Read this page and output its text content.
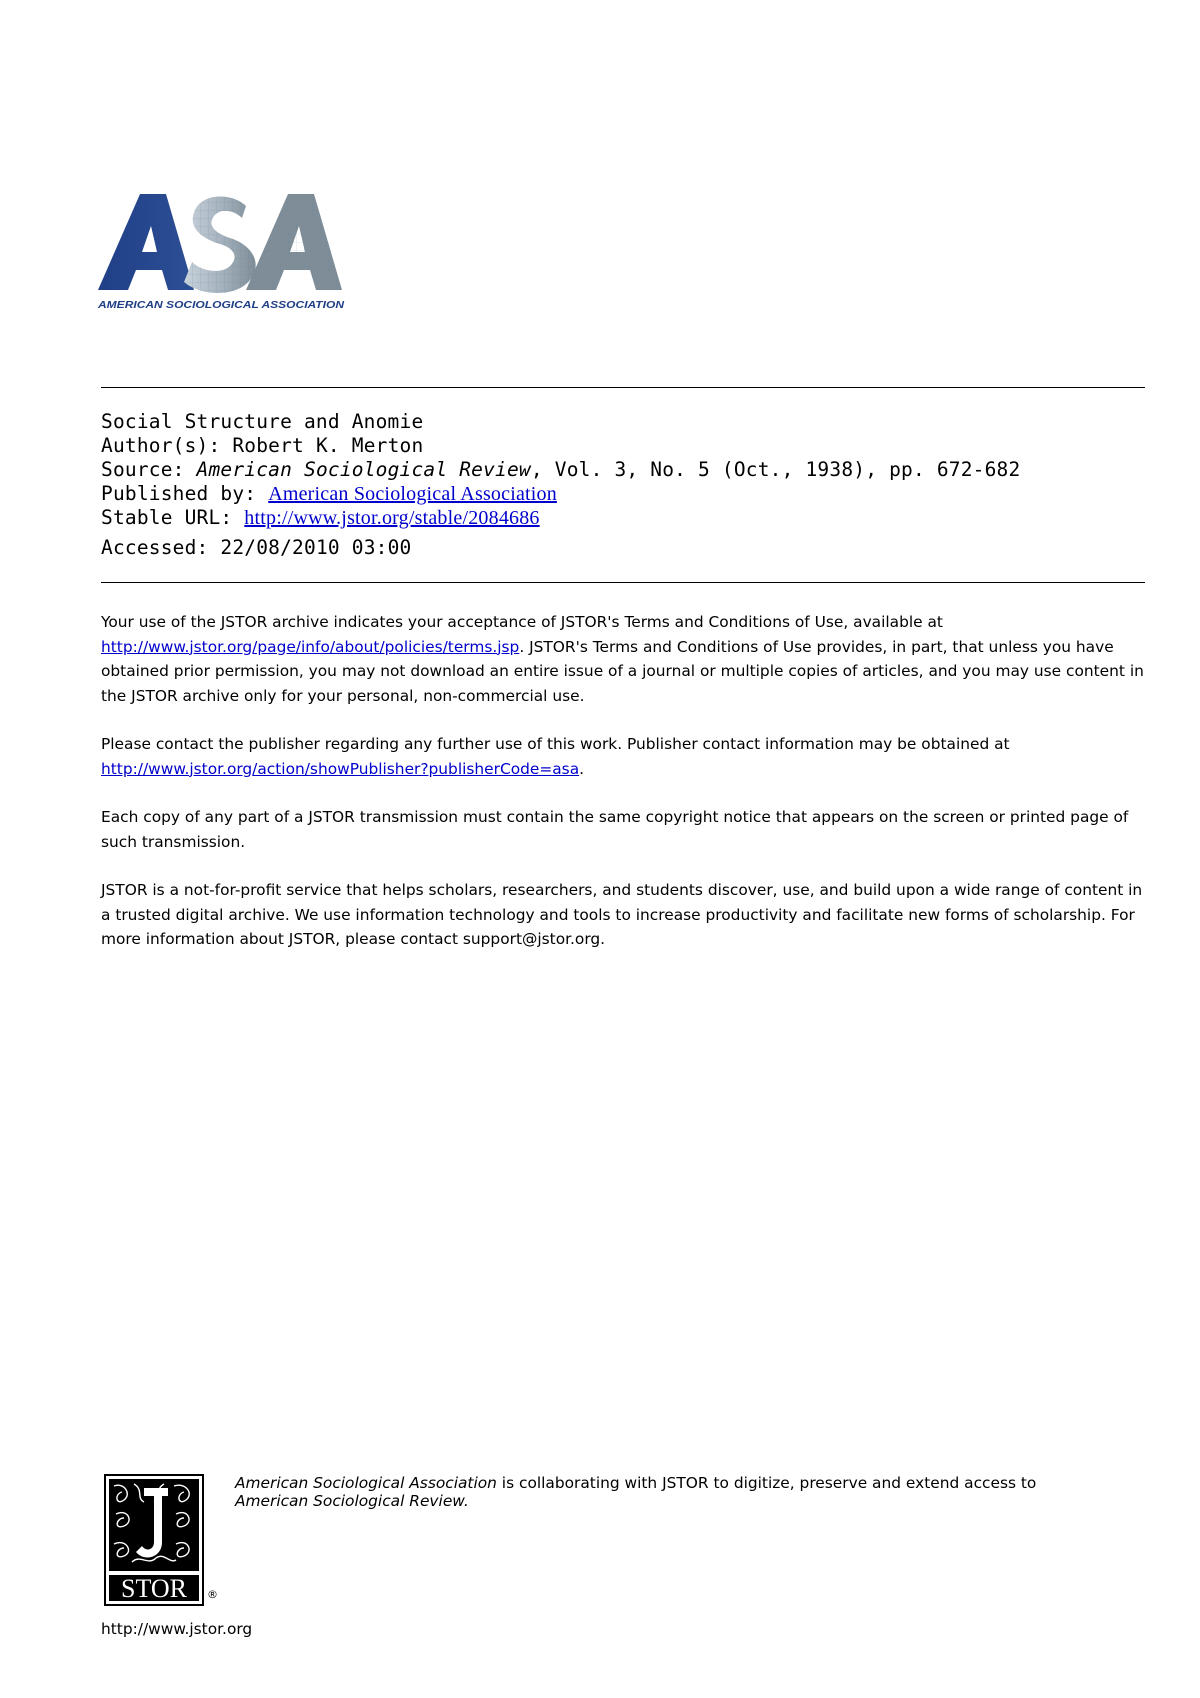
AMERICAN SOCIOLOGICAL ASSOCIATION
Social Structure and Anomie
Author(s): Robert K. Merton
Source: American Sociological Review, Vol. 3, No. 5 (Oct., 1938), pp. 672-682
Published by: American Sociological Association
Stable URL: http://www.jstor.org/stable/2084686
Accessed: 22/08/2010 03:00

Your use of the JSTOR archive indicates your acceptance of JSTOR's Terms and Conditions of Use, available at
http://www.jstor.org/page/info/about/policies/terms.jsp. JSTOR's Terms and Conditions of Use provides, in part, that unless you have obtained prior permission, you may not download an entire issue of a journal or multiple copies of articles, and you may use content in the JSTOR archive only for your personal, non-commercial use.

Please contact the publisher regarding any further use of this work. Publisher contact information may be obtained at
http://www.jstor.org/action/showPublisher?publisherCode=asa.

Each copy of any part of a JSTOR transmission must contain the same copyright notice that appears on the screen or printed page of such transmission.

JSTOR is a not-for-profit service that helps scholars, researchers, and students discover, use, and build upon a wide range of content in a trusted digital archive. We use information technology and tools to increase productivity and facilitate new forms of scholarship. For more information about JSTOR, please contact support@jstor.org.

STOR ®
American Sociological Association is collaborating with JSTOR to digitize, preserve and extend access to
American Sociological Review.
http://www.jstor.org
